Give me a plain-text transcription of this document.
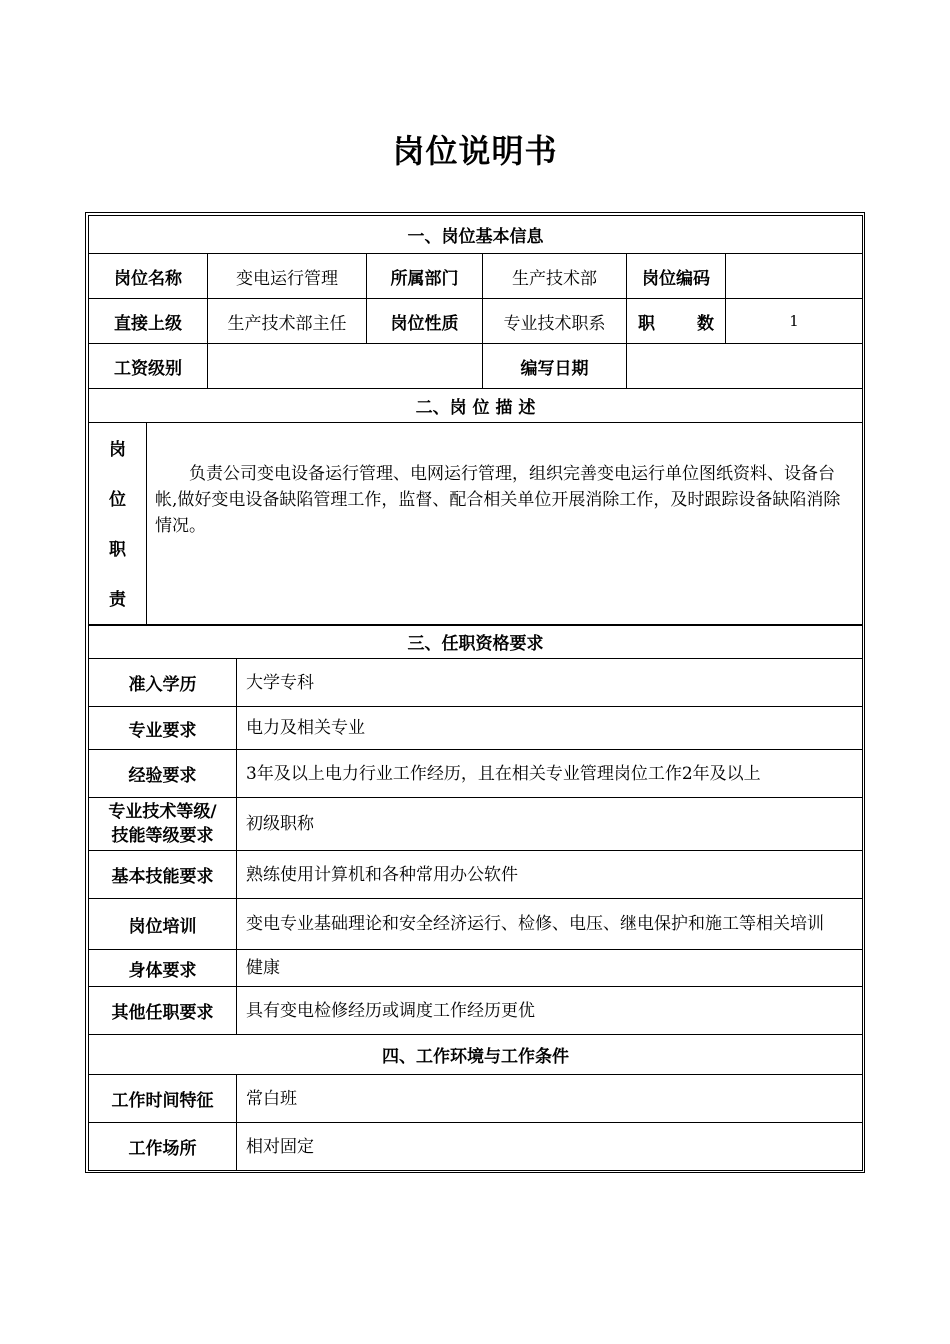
岗位说明书
一、岗位基本信息					
岗位名称	变电运行管理	所属部门	生产技术部	岗位编码	
直接上级	生产技术部主任	岗位性质	专业技术职系	职 数	1
工资级别			编写日期		
二、岗 位 描 述

岗
位
职
责
	负责公司变电设备运行管理、电网运行管理，组织完善变电运行单位图纸资料、设备台帐,做好变电设备缺陷管理工作，监督、配合相关单位开展消除工作，及时跟踪设备缺陷消除情况。
三、任职资格要求	
准入学历	大学专科
专业要求	电力及相关专业
经验要求	3年及以上电力行业工作经历，且在相关专业管理岗位工作2年及以上

专业技术等级/
技能等级要求	初级职称
基本技能要求	熟练使用计算机和各种常用办公软件
岗位培训	变电专业基础理论和安全经济运行、检修、电压、继电保护和施工等相关培训
身体要求	健康
其他任职要求	具有变电检修经历或调度工作经历更优
四、工作环境与工作条件	
工作时间特征	常白班
工作场所	相对固定
